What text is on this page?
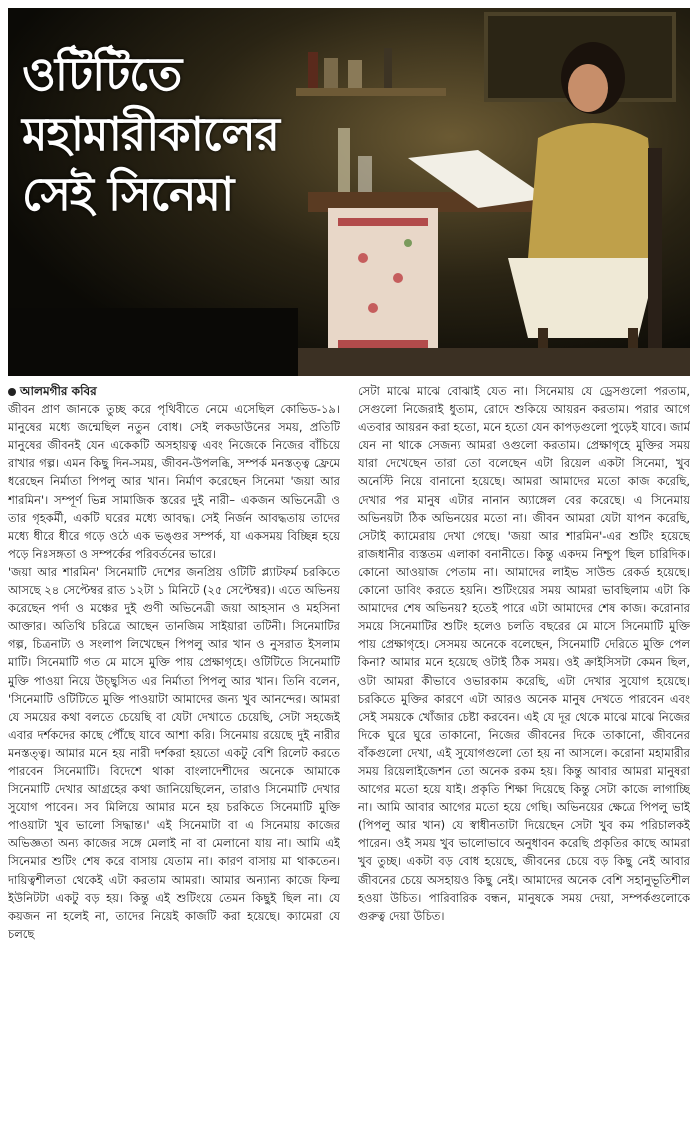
ওটিটিতে
মহামারীকালের
সেই সিনেমা
আলমগীর কবির

জীবন প্রাণ জানকে তুচ্ছ করে পৃথিবীতে নেমে এসেছিল কোভিড-১৯। মানুষের মধ্যে জন্মেছিল নতুন বোধ। সেই লকডাউনের সময়, প্রতিটি মানুষের জীবনই যেন একেকটি অসহায়ত্ব এবং নিজেকে নিজের বাঁচিয়ে রাখার গল্প। এমন কিছু দিন-সময়, জীবন-উপলব্ধি, সম্পর্ক মনস্তত্ত্ব ফ্রেমে ধরেছেন নির্মাতা পিপলু আর খান। নির্মাণ করেছেন সিনেমা 'জয়া আর শারমিন'। সম্পূর্ণ ভিন্ন সামাজিক স্তরের দুই নারী– একজন অভিনেত্রী ও তার গৃহকর্মী, একটি ঘরের মধ্যে আবদ্ধ। সেই নির্জন আবদ্ধতায় তাদের মধ্যে ধীরে ধীরে গড়ে ওঠে এক ভঙ্গুর সম্পর্ক, যা একসময় বিচ্ছিন্ন হয়ে পড়ে নিঃসঙ্গতা ও সম্পর্কের পরিবর্তনের ভারে।

'জয়া আর শারমিন' সিনেমাটি দেশের জনপ্রিয় ওটিটি প্ল্যাটফর্ম চরকিতে আসছে ২৪ সেপ্টেম্বর রাত ১২টা ১ মিনিটে (২৫ সেপ্টেম্বর)। এতে অভিনয় করেছেন পর্দা ও মঞ্চের দুই গুণী অভিনেত্রী জয়া আহসান ও মহসিনা আক্তার। অতিথি চরিত্রে আছেন তানজিম সাইয়ারা তটিনী। সিনেমাটির গল্প, চিত্রনাট্য ও সংলাপ লিখেছেন পিপলু আর খান ও নুসরাত ইসলাম মাটি। সিনেমাটি গত মে মাসে মুক্তি পায় প্রেক্ষাগৃহে। ওটিটিতে সিনেমাটি মুক্তি পাওয়া নিয়ে উচ্ছ্বসিত এর নির্মাতা পিপলু আর খান। তিনি বলেন, 'সিনেমাটি ওটিটিতে মুক্তি পাওয়াটা আমাদের জন্য খুব আনন্দের। আমরা যে সময়ের কথা বলতে চেয়েছি বা যেটা দেখাতে চেয়েছি, সেটা সহজেই এবার দর্শকদের কাছে পৌঁছে যাবে আশা করি। সিনেমায় রয়েছে দুই নারীর মনস্তত্ত্ব। আমার মনে হয় নারী দর্শকরা হয়তো একটু বেশি রিলেট করতে পারবেন সিনেমাটি। বিদেশে থাকা বাংলাদেশীদের অনেকে আমাকে সিনেমাটি দেখার আগ্রহের কথা জানিয়েছিলেন, তারাও সিনেমাটি দেখার সুযোগ পাবেন। সব মিলিয়ে আমার মনে হয় চরকিতে সিনেমাটি মুক্তি পাওয়াটা খুব ভালো সিদ্ধান্ত।' এই সিনেমাটা বা এ সিনেমায় কাজের অভিজ্ঞতা অন্য কাজের সঙ্গে মেলাই না বা মেলানো যায় না। আমি এই সিনেমার শুটিং শেষ করে বাসায় যেতাম না। কারণ বাসায় মা থাকতেন। দায়িত্বশীলতা থেকেই এটা করতাম আমরা। আমার অন্যান্য কাজে ফিল্ম ইউনিটটা একটু বড় হয়। কিন্তু এই শুটিংয়ে তেমন কিছুই ছিল না। যে কয়জন না হলেই না, তাদের নিয়েই কাজটি করা হয়েছে। ক্যামেরা যে চলছে

সেটা মাঝে মাঝে বোঝাই যেত না। সিনেমায় যে ড্রেসগুলো পরতাম, সেগুলো নিজেরাই ধুতাম, রোদে শুকিয়ে আয়রন করতাম। পরার আগে এতবার আয়রন করা হতো, মনে হতো যেন কাপড়গুলো পুড়েই যাবে। জার্ম যেন না থাকে সেজন্য আমরা ওগুলো করতাম। প্রেক্ষাগৃহে মুক্তির সময় যারা দেখেছেন তারা তো বলেছেন এটা রিয়েল একটা সিনেমা, খুব অনেস্টি নিয়ে বানানো হয়েছে। আমরা আমাদের মতো কাজ করেছি, দেখার পর মানুষ এটার নানান অ্যাঙ্গেল বের করেছে। এ সিনেমায় অভিনয়টা ঠিক অভিনয়ের মতো না। জীবন আমরা যেটা যাপন করেছি, সেটাই ক্যামেরায় দেখা গেছে। 'জয়া আর শারমিন'-এর শুটিং হয়েছে রাজধানীর ব্যস্ততম এলাকা বনানীতে। কিন্তু একদম নিশ্চুপ ছিল চারিদিক। কোনো আওয়াজ পেতাম না। আমাদের লাইভ সাউন্ড রেকর্ড হয়েছে। কোনো ডাবিং করতে হয়নি। শুটিংয়ের সময় আমরা ভাবছিলাম এটা কি আমাদের শেষ অভিনয়? হতেই পারে এটা আমাদের শেষ কাজ। করোনার সময়ে সিনেমাটির শুটিং হলেও চলতি বছরের মে মাসে সিনেমাটি মুক্তি পায় প্রেক্ষাগৃহে। সেসময় অনেকে বলেছেন, সিনেমাটি দেরিতে মুক্তি পেল কিনা? আমার মনে হয়েছে ওটাই ঠিক সময়। ওই ক্রাইসিসটা কেমন ছিল, ওটা আমরা কীভাবে ওভারকাম করেছি, এটা দেখার সুযোগ হয়েছে। চরকিতে মুক্তির কারণে এটা আরও অনেক মানুষ দেখতে পারবেন এবং সেই সময়কে খোঁজার চেষ্টা করবেন। এই যে দূর থেকে মাঝে মাঝে নিজের দিকে ঘুরে ঘুরে তাকানো, নিজের জীবনের দিকে তাকানো, জীবনের বাঁকগুলো দেখা, এই সুযোগগুলো তো হয় না আসলে। করোনা মহামারীর সময় রিয়েলাইজেশন তো অনেক রকম হয়। কিন্তু আবার আমরা মানুষরা আগের মতো হয়ে যাই। প্রকৃতি শিক্ষা দিয়েছে কিন্তু সেটা কাজে লাগাচ্ছি না। আমি আবার আগের মতো হয়ে গেছি। অভিনয়ের ক্ষেত্রে পিপলু ভাই (পিপলু আর খান) যে স্বাধীনতাটা দিয়েছেন সেটা খুব কম পরিচালকই পারেন। ওই সময় খুব ভালোভাবে অনুধাবন করেছি প্রকৃতির কাছে আমরা খুব তুচ্ছ। একটা বড় বোধ হয়েছে, জীবনের চেয়ে বড় কিছু নেই আবার জীবনের চেয়ে অসহায়ও কিছু নেই। আমাদের অনেক বেশি সহানুভূতিশীল হওয়া উচিত। পারিবারিক বন্ধন, মানুষকে সময় দেয়া, সম্পর্কগুলোকে গুরুত্ব দেয়া উচিত।
